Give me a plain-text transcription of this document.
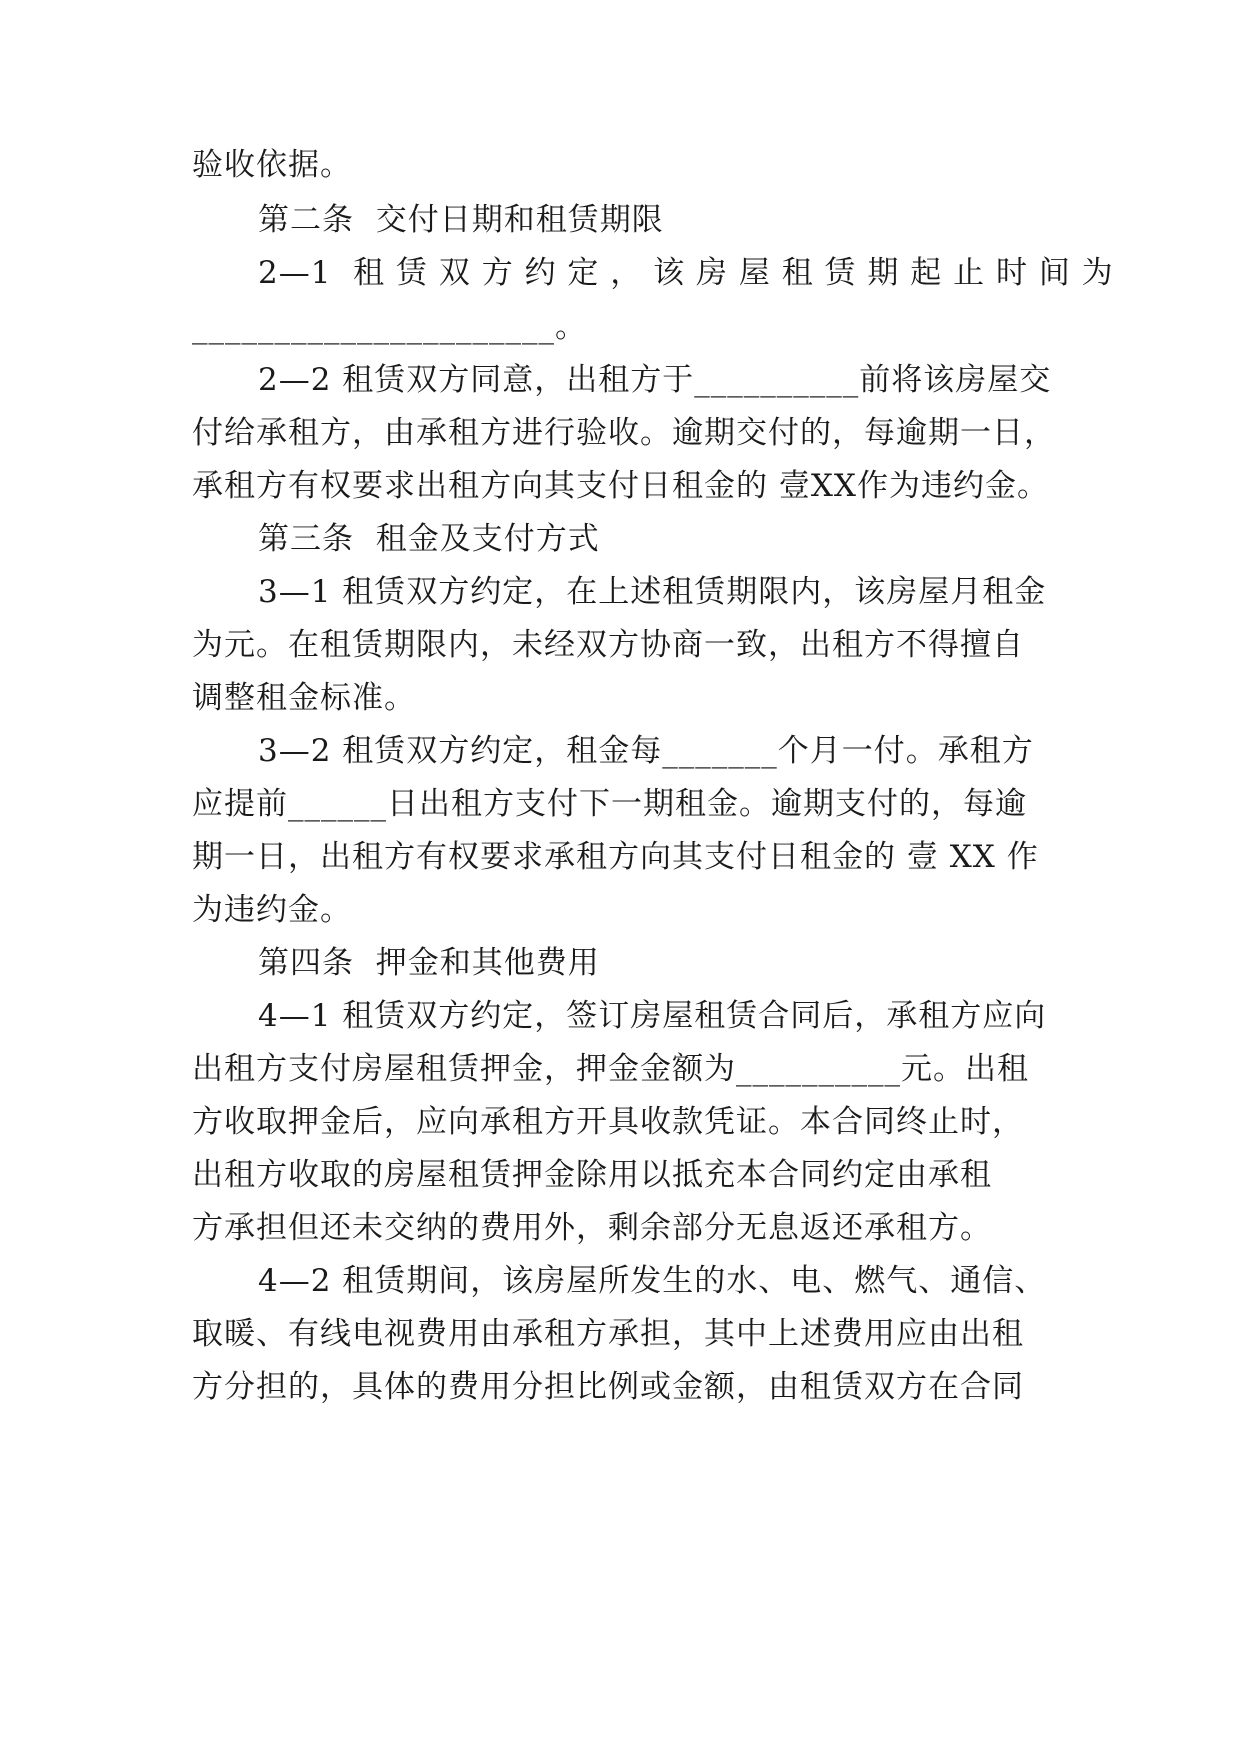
验收依据。
第二条  交付日期和租赁期限
2—1  租 赁 双 方 约 定 ， 该 房 屋 租 赁 期 起 止 时 间 为
______________________。
2—2 租赁双方同意，出租方于__________前将该房屋交
付给承租方，由承租方进行验收。逾期交付的，每逾期一日，
承租方有权要求出租方向其支付日租金的 壹XX作为违约金。
第三条  租金及支付方式
3—1 租赁双方约定，在上述租赁期限内，该房屋月租金
为元。在租赁期限内，未经双方协商一致，出租方不得擅自
调整租金标准。
3—2 租赁双方约定，租金每_______个月一付。承租方
应提前______日出租方支付下一期租金。逾期支付的，每逾
期一日，出租方有权要求承租方向其支付日租金的 壹 XX 作
为违约金。
第四条  押金和其他费用
4—1 租赁双方约定，签订房屋租赁合同后，承租方应向
出租方支付房屋租赁押金，押金金额为__________元。出租
方收取押金后，应向承租方开具收款凭证。本合同终止时，
出租方收取的房屋租赁押金除用以抵充本合同约定由承租
方承担但还未交纳的费用外，剩余部分无息返还承租方。
4—2 租赁期间，该房屋所发生的水、电、燃气、通信、
取暖、有线电视费用由承租方承担，其中上述费用应由出租
方分担的，具体的费用分担比例或金额，由租赁双方在合同
